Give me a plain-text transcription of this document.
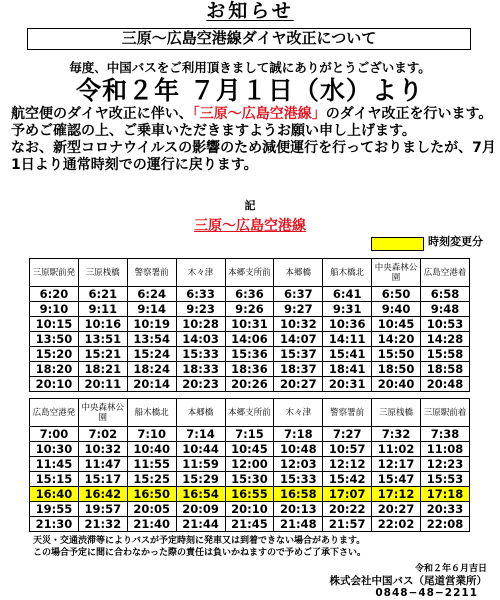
お知らせ
三原〜広島空港線ダイヤ改正について
毎度、中国バスをご利用頂きまして誠にありがとうございます。
令和２年 ７月１日（水）より

航空便のダイヤ改正に伴い、「三原〜広島空港線」のダイヤ改正を行います。予めご確認の上、ご乗車いただきますようお願い申し上げます。

なお、新型コロナウイルスの影響のため減便運行を行っておりましたが、7月1日より通常時刻での運行に戻ります。

記
三原〜広島空港線
時刻変更分
三原駅前発	三原桟橋	警察署前	木々津	本郷支所前	本郷橋	船木橋北	中央森林公園	広島空港着
6:20	6:21	6:24	6:33	6:36	6:37	6:41	6:50	6:58
9:10	9:11	9:14	9:23	9:26	9:27	9:31	9:40	9:48
10:15	10:16	10:19	10:28	10:31	10:32	10:36	10:45	10:53
13:50	13:51	13:54	14:03	14:06	14:07	14:11	14:20	14:28
15:20	15:21	15:24	15:33	15:36	15:37	15:41	15:50	15:58
18:20	18:21	18:24	18:33	18:36	18:37	18:41	18:50	18:58
20:10	20:11	20:14	20:23	20:26	20:27	20:31	20:40	20:48
広島空港発	中央森林公園	船木橋北	本郷橋	本郷支所前	木々津	警察署前	三原桟橋	三原駅前着
7:00	7:02	7:10	7:14	7:15	7:18	7:27	7:32	7:38
10:30	10:32	10:40	10:44	10:45	10:48	10:57	11:02	11:08
11:45	11:47	11:55	11:59	12:00	12:03	12:12	12:17	12:23
15:15	15:17	15:25	15:29	15:30	15:33	15:42	15:47	15:53
16:40	16:42	16:50	16:54	16:55	16:58	17:07	17:12	17:18
19:55	19:57	20:05	20:09	20:10	20:13	20:22	20:27	20:33
21:30	21:32	21:40	21:44	21:45	21:48	21:57	22:02	22:08
天災・交通渋滞等によりバスが予定時刻に発車又は到着できない場合があります。
この場合予定に間に合わなかった際の責任は負いかねますので予めご了承下さい。
令和２年６月吉日
株式会社中国バス（尾道営業所）
0848−48−2211
